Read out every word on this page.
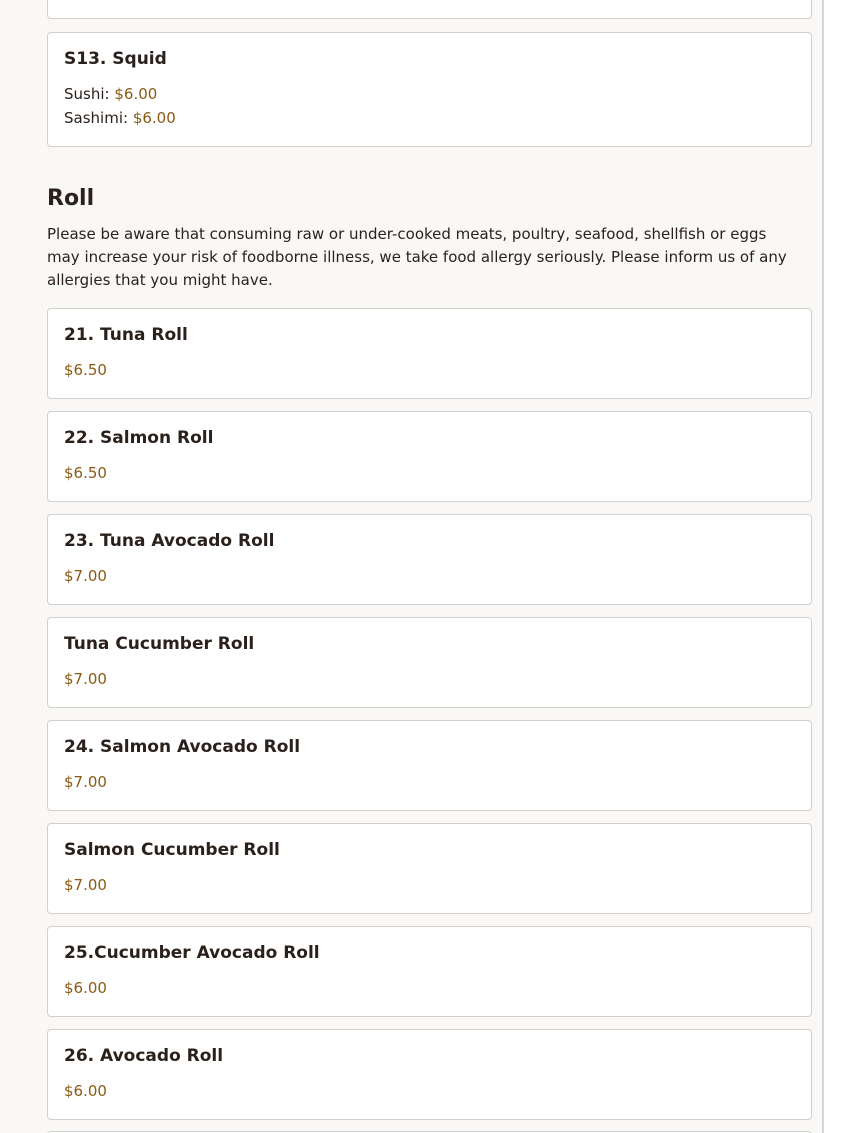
S13. Squid
Sushi: $6.00
Sashimi: $6.00
Roll
Please be aware that consuming raw or under-cooked meats, poultry, seafood, shellfish or eggs may increase your risk of foodborne illness, we take food allergy seriously. Please inform us of any allergies that you might have.
21. Tuna Roll
$6.50
22. Salmon Roll
$6.50
23. Tuna Avocado Roll
$7.00
Tuna Cucumber Roll
$7.00
24. Salmon Avocado Roll
$7.00
Salmon Cucumber Roll
$7.00
25.Cucumber Avocado Roll
$6.00
26. Avocado Roll
$6.00
